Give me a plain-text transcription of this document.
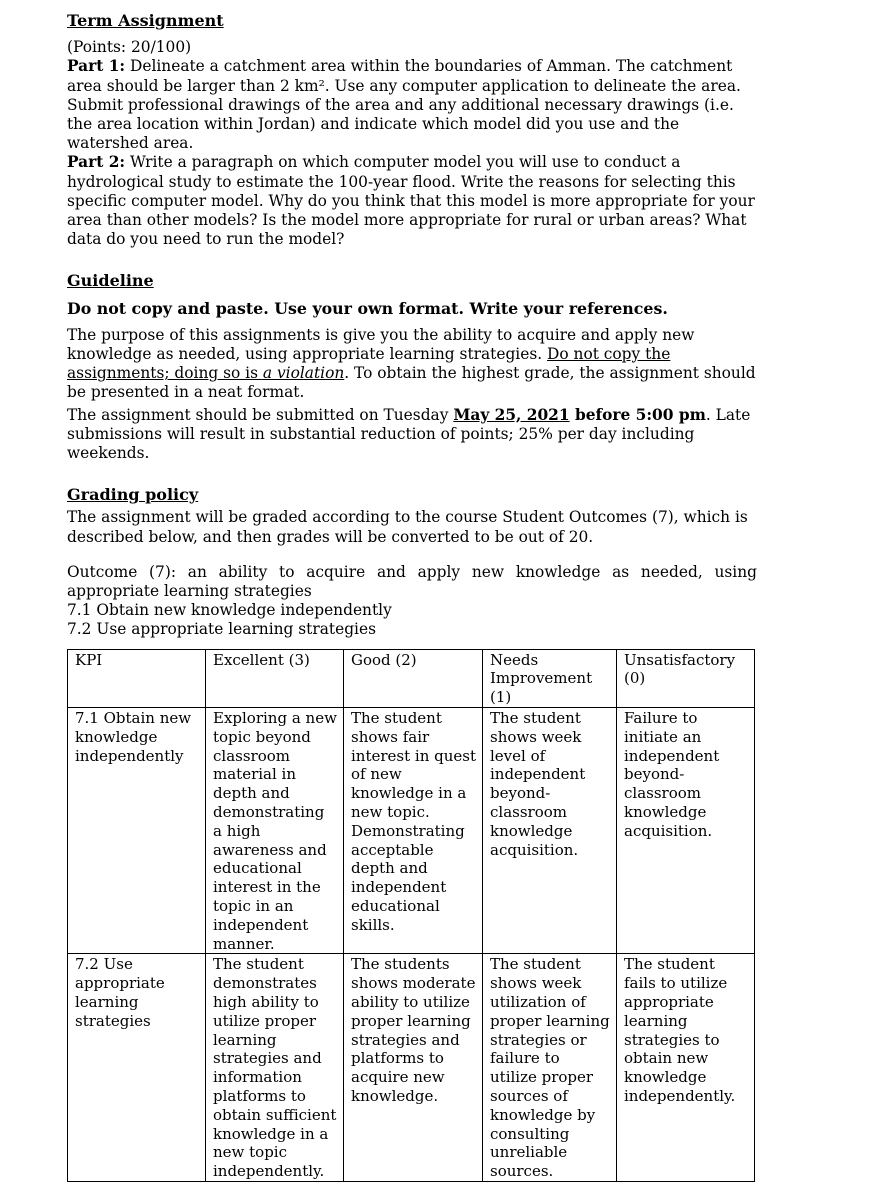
Term Assignment

(Points: 20/100)

Part 1: Delineate a catchment area within the boundaries of Amman. The catchment area should be larger than 2 km². Use any computer application to delineate the area. Submit professional drawings of the area and any additional necessary drawings (i.e. the area location within Jordan) and indicate which model did you use and the watershed area.

Part 2: Write a paragraph on which computer model you will use to conduct a hydrological study to estimate the 100-year flood. Write the reasons for selecting this specific computer model. Why do you think that this model is more appropriate for your area than other models? Is the model more appropriate for rural or urban areas? What data do you need to run the model?

Guideline

Do not copy and paste. Use your own format. Write your references.

The purpose of this assignments is give you the ability to acquire and apply new knowledge as needed, using appropriate learning strategies. Do not copy the assignments; doing so is a violation. To obtain the highest grade, the assignment should be presented in a neat format.

The assignment should be submitted on Tuesday May 25, 2021 before 5:00 pm. Late submissions will result in substantial reduction of points; 25% per day including weekends.

Grading policy

The assignment will be graded according to the course Student Outcomes (7), which is described below, and then grades will be converted to be out of 20.

Outcome (7): an ability to acquire and apply new knowledge as needed, using appropriate learning strategies

7.1 Obtain new knowledge independently

7.2 Use appropriate learning strategies

KPI	Excellent (3)	Good (2)	Needs Improvement (1)	Unsatisfactory (0)
7.1 Obtain new knowledge independently	Exploring a new topic beyond classroom material in depth and demonstrating a high awareness and educational interest in the topic in an independent manner.	The student shows fair interest in quest of new knowledge in a new topic. Demonstrating acceptable depth and independent educational skills.	The student shows week level of independent beyond-classroom knowledge acquisition.	Failure to initiate an independent beyond-classroom knowledge acquisition.
7.2 Use appropriate learning strategies	The student demonstrates high ability to utilize proper learning strategies and information platforms to obtain sufficient knowledge in a new topic independently.	The students shows moderate ability to utilize proper learning strategies and platforms to acquire new knowledge.	The student shows week utilization of proper learning strategies or failure to utilize proper sources of knowledge by consulting unreliable sources.	The student fails to utilize appropriate learning strategies to obtain new knowledge independently.
